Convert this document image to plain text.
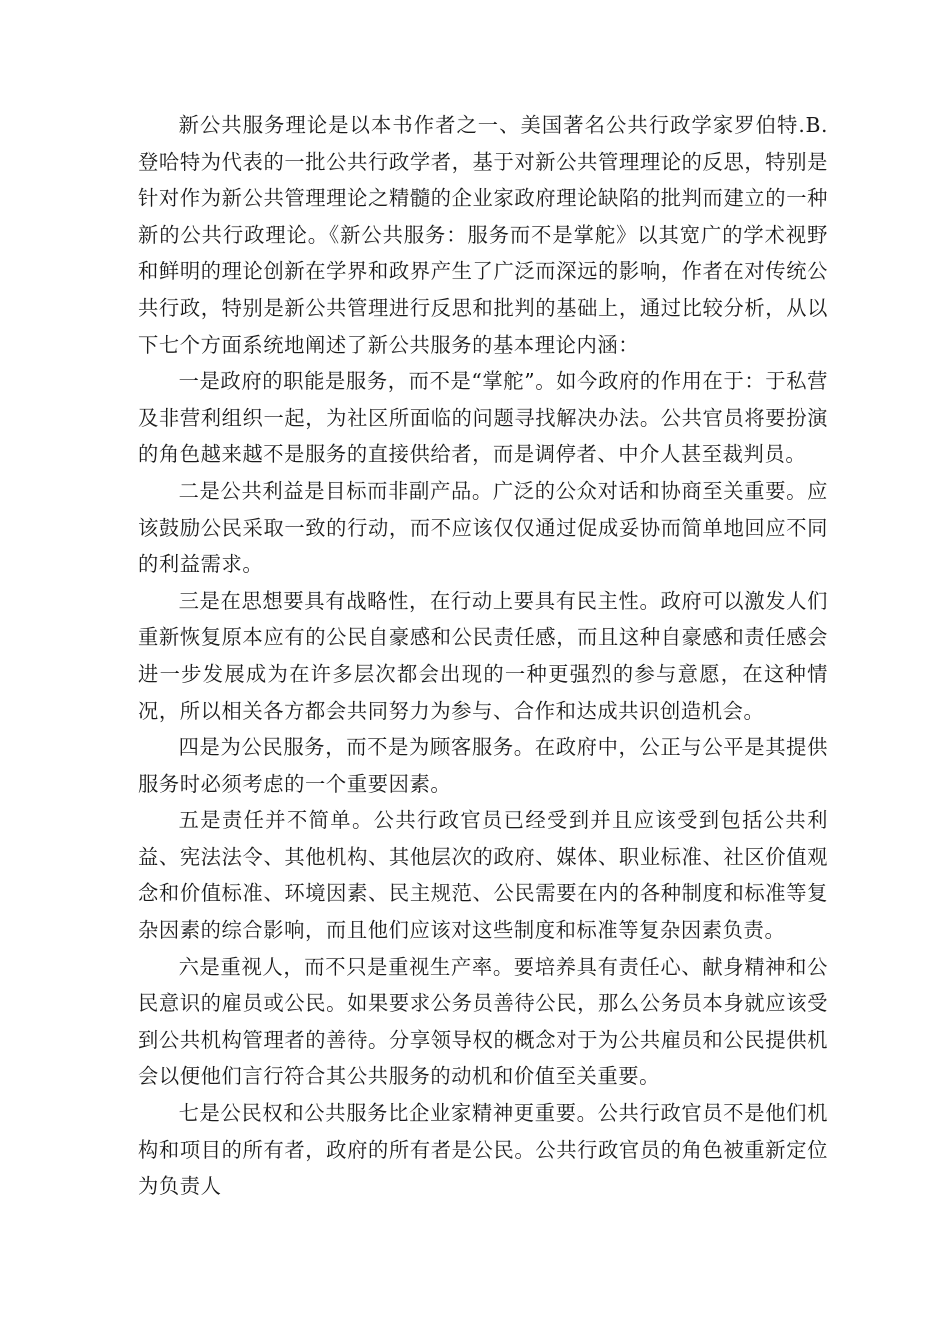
新公共服务理论是以本书作者之一、美国著名公共行政学家罗伯特.B.登哈特为代表的一批公共行政学者，基于对新公共管理理论的反思，特别是针对作为新公共管理理论之精髓的企业家政府理论缺陷的批判而建立的一种新的公共行政理论。《新公共服务：服务而不是掌舵》以其宽广的学术视野和鲜明的理论创新在学界和政界产生了广泛而深远的影响，作者在对传统公共行政，特别是新公共管理进行反思和批判的基础上，通过比较分析，从以下七个方面系统地阐述了新公共服务的基本理论内涵：

一是政府的职能是服务，而不是“掌舵”。如今政府的作用在于：于私营及非营利组织一起，为社区所面临的问题寻找解决办法。公共官员将要扮演的角色越来越不是服务的直接供给者，而是调停者、中介人甚至裁判员。

二是公共利益是目标而非副产品。广泛的公众对话和协商至关重要。应该鼓励公民采取一致的行动，而不应该仅仅通过促成妥协而简单地回应不同的利益需求。

三是在思想要具有战略性，在行动上要具有民主性。政府可以激发人们重新恢复原本应有的公民自豪感和公民责任感，而且这种自豪感和责任感会进一步发展成为在许多层次都会出现的一种更强烈的参与意愿，在这种情况，所以相关各方都会共同努力为参与、合作和达成共识创造机会。

四是为公民服务，而不是为顾客服务。在政府中，公正与公平是其提供服务时必须考虑的一个重要因素。

五是责任并不简单。公共行政官员已经受到并且应该受到包括公共利益、宪法法令、其他机构、其他层次的政府、媒体、职业标准、社区价值观念和价值标准、环境因素、民主规范、公民需要在内的各种制度和标准等复杂因素的综合影响，而且他们应该对这些制度和标准等复杂因素负责。

六是重视人，而不只是重视生产率。要培养具有责任心、献身精神和公民意识的雇员或公民。如果要求公务员善待公民，那么公务员本身就应该受到公共机构管理者的善待。分享领导权的概念对于为公共雇员和公民提供机会以便他们言行符合其公共服务的动机和价值至关重要。

七是公民权和公共服务比企业家精神更重要。公共行政官员不是他们机构和项目的所有者，政府的所有者是公民。公共行政官员的角色被重新定位为负责人
